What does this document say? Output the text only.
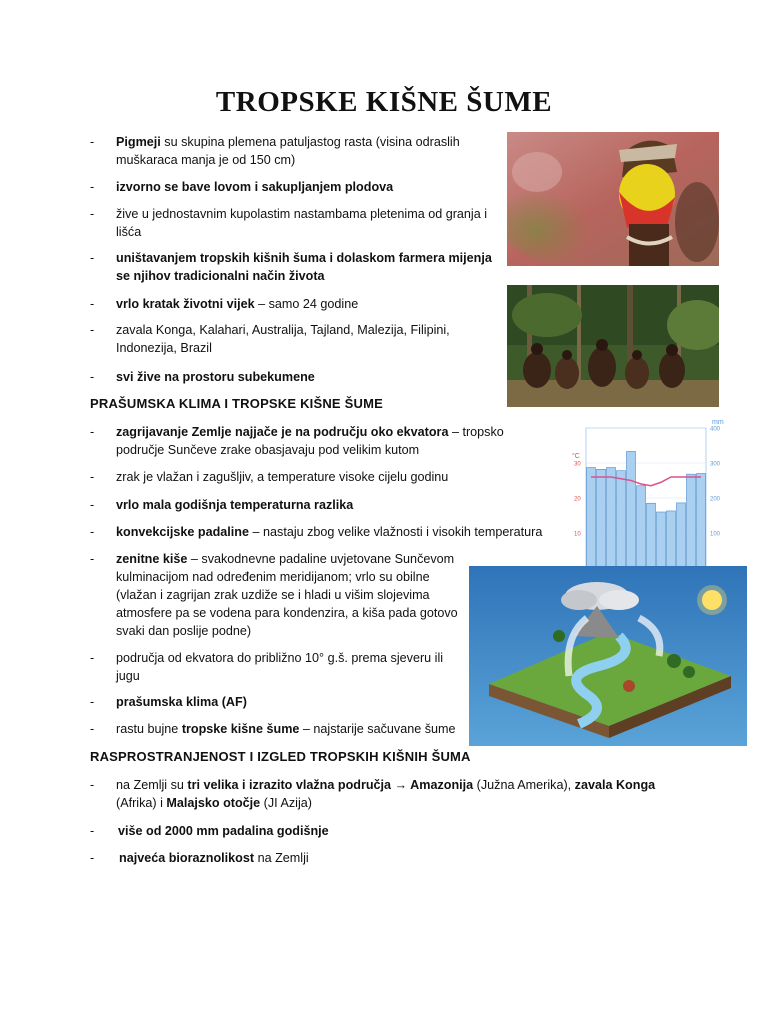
TROPSKE KIŠNE ŠUME
- Pigmeji su skupina plemena patuljastog rasta (visina odraslih muškaraca manja je od 150 cm)
- izvorno se bave lovom i sakupljanjem plodova
- žive u jednostavnim kupolastim nastambama pletenima od granja i lišća
- uništavanjem tropskih kišnih šuma i dolaskom farmera mijenja se njihov tradicionalni način života
- vrlo kratak životni vijek – samo 24 godine
- zavala Konga, Kalahari, Australija, Tajland, Malezija, Filipini, Indonezija, Brazil
- svi žive na prostoru subekumene
PRAŠUMSKA KLIMA I TROPSKE KIŠNE ŠUME
- zagrijavanje Zemlje najjače je na području oko ekvatora – tropsko područje Sunčeve zrake obasjavaju pod velikim kutom
- zrak je vlažan i zagušljiv, a temperature visoke cijelu godinu
- vrlo mala godišnja temperaturna razlika
- konvekcijske padaline – nastaju zbog velike vlažnosti i visokih temperatura
- zenitne kiše – svakodnevne padaline uvjetovane Sunčevom kulminacijom nad određenim meridijanom; vrlo su obilne (vlažan i zagrijan zrak uzdiže se i hladi u višim slojevima atmosfere pa se vodena para kondenzira, a kiša pada gotovo svaki dan poslije podne)
- područja od ekvatora do približno 10° g.š. prema sjeveru ili jugu
- prašumska klima (AF)
- rastu bujne tropske kišne šume – najstarije sačuvane šume
RASPROSTRANJENOST I IZGLED TROPSKIH KIŠNIH ŠUMA
- na Zemlji su tri velika i izrazito vlažna područja → Amazonija (Južna Amerika), zavala Konga (Afrika) i Malajsko otočje (JI Azija)
- više od 2000 mm padalina godišnje
- najveća bioraznolikost na Zemlji
°C
mm
100
200
300
400
10
20
30
